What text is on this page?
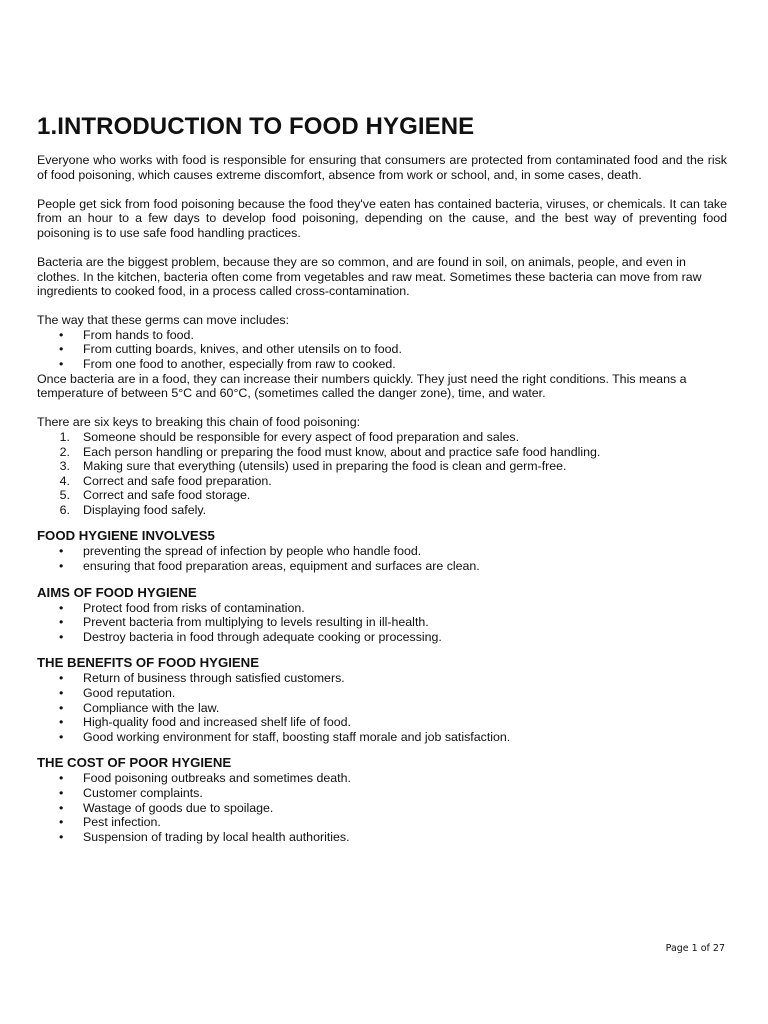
1.INTRODUCTION TO FOOD HYGIENE

Everyone who works with food is responsible for ensuring that consumers are protected from contaminated food and the risk of food poisoning, which causes extreme discomfort, absence from work or school, and, in some cases, death.

People get sick from food poisoning because the food they've eaten has contained bacteria, viruses, or chemicals. It can take from an hour to a few days to develop food poisoning, depending on the cause, and the best way of preventing food poisoning is to use safe food handling practices.

Bacteria are the biggest problem, because they are so common, and are found in soil, on animals, people, and even in clothes. In the kitchen, bacteria often come from vegetables and raw meat. Sometimes these bacteria can move from raw ingredients to cooked food, in a process called cross-contamination.

The way that these germs can move includes:

• From hands to food.
• From cutting boards, knives, and other utensils on to food.
• From one food to another, especially from raw to cooked.

Once bacteria are in a food, they can increase their numbers quickly. They just need the right conditions. This means a temperature of between 5°C and 60°C, (sometimes called the danger zone), time, and water.

There are six keys to breaking this chain of food poisoning:

1. Someone should be responsible for every aspect of food preparation and sales.
2. Each person handling or preparing the food must know, about and practice safe food handling.
3. Making sure that everything (utensils) used in preparing the food is clean and germ-free.
4. Correct and safe food preparation.
5. Correct and safe food storage.
6. Displaying food safely.
FOOD HYGIENE INVOLVES5
• preventing the spread of infection by people who handle food.
• ensuring that food preparation areas, equipment and surfaces are clean.
AIMS OF FOOD HYGIENE
• Protect food from risks of contamination.
• Prevent bacteria from multiplying to levels resulting in ill-health.
• Destroy bacteria in food through adequate cooking or processing.
THE BENEFITS OF FOOD HYGIENE
• Return of business through satisfied customers.
• Good reputation.
• Compliance with the law.
• High-quality food and increased shelf life of food.
• Good working environment for staff, boosting staff morale and job satisfaction.
THE COST OF POOR HYGIENE
• Food poisoning outbreaks and sometimes death.
• Customer complaints.
• Wastage of goods due to spoilage.
• Pest infection.
• Suspension of trading by local health authorities.
Page 1 of 27
